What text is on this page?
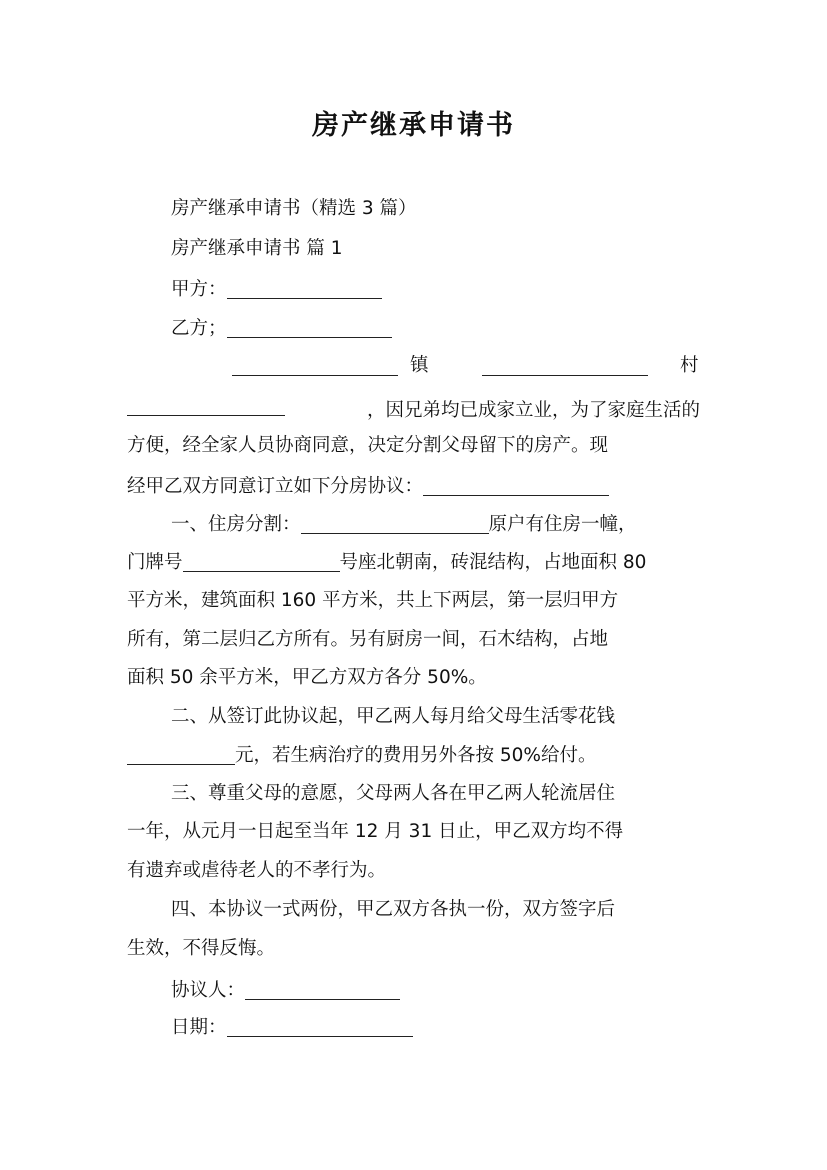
房产继承申请书
房产继承申请书（精选 3 篇）
房产继承申请书 篇 1
甲方：
乙方；
镇	村
，因兄弟均已成家立业，为了家庭生活的
方便，经全家人员协商同意，决定分割父母留下的房产。现
经甲乙双方同意订立如下分房协议：
一、住房分割：	原户有住房一幢，
门牌号	号座北朝南，砖混结构，占地面积 80
平方米，建筑面积 160 平方米，共上下两层，第一层归甲方
所有，第二层归乙方所有。另有厨房一间，石木结构，占地
面积 50 余平方米，甲乙方双方各分 50%。
二、从签订此协议起，甲乙两人每月给父母生活零花钱
元，若生病治疗的费用另外各按 50%给付。
三、尊重父母的意愿，父母两人各在甲乙两人轮流居住
一年，从元月一日起至当年 12 月 31 日止，甲乙双方均不得
有遗弃或虐待老人的不孝行为。
四、本协议一式两份，甲乙双方各执一份，双方签字后
生效，不得反悔。
协议人：
日期：
